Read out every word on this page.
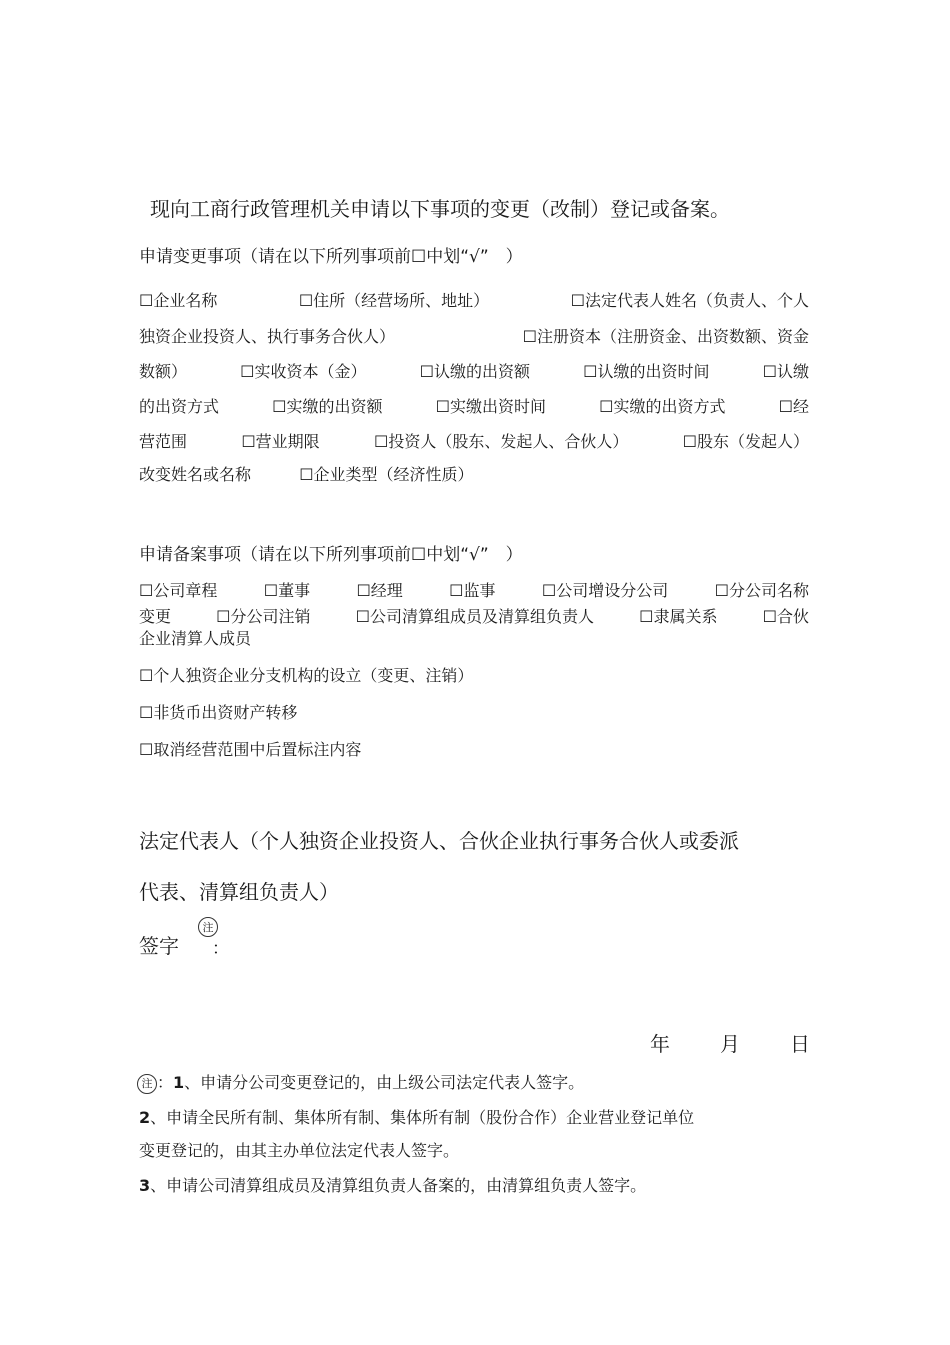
现向工商行政管理机关申请以下事项的变更（改制）登记或备案。
申请变更事项（请在以下所列事项前☐中划“√”　）
☐企业名称	☐住所（经营场所、地址）	☐法定代表人姓名（负责人、个人
独资企业投资人、执行事务合伙人）	☐注册资本（注册资金、出资数额、资金
数额）	☐实收资本（金）	☐认缴的出资额	☐认缴的出资时间	☐认缴
的出资方式	☐实缴的出资额	☐实缴出资时间	☐实缴的出资方式	☐经
营范围	☐营业期限	☐投资人（股东、发起人、合伙人）	☐股东（发起人）
改变姓名或名称	☐企业类型（经济性质）
申请备案事项（请在以下所列事项前☐中划“√”　）
☐公司章程	☐董事	☐经理	☐监事	☐公司增设分公司	☐分公司名称
变更	☐分公司注销	☐公司清算组成员及清算组负责人	☐隶属关系	☐合伙
企业清算人成员
☐个人独资企业分支机构的设立（变更、注销）
☐非货币出资财产转移
☐取消经营范围中后置标注内容
法定代表人（个人独资企业投资人、合伙企业执行事务合伙人或委派
代表、清算组负责人）
签字
注
：
年	月	日
注 ：1、申请分公司变更登记的，由上级公司法定代表人签字。
2、申请全民所有制、集体所有制、集体所有制（股份合作）企业营业登记单位
变更登记的，由其主办单位法定代表人签字。
3、申请公司清算组成员及清算组负责人备案的，由清算组负责人签字。
